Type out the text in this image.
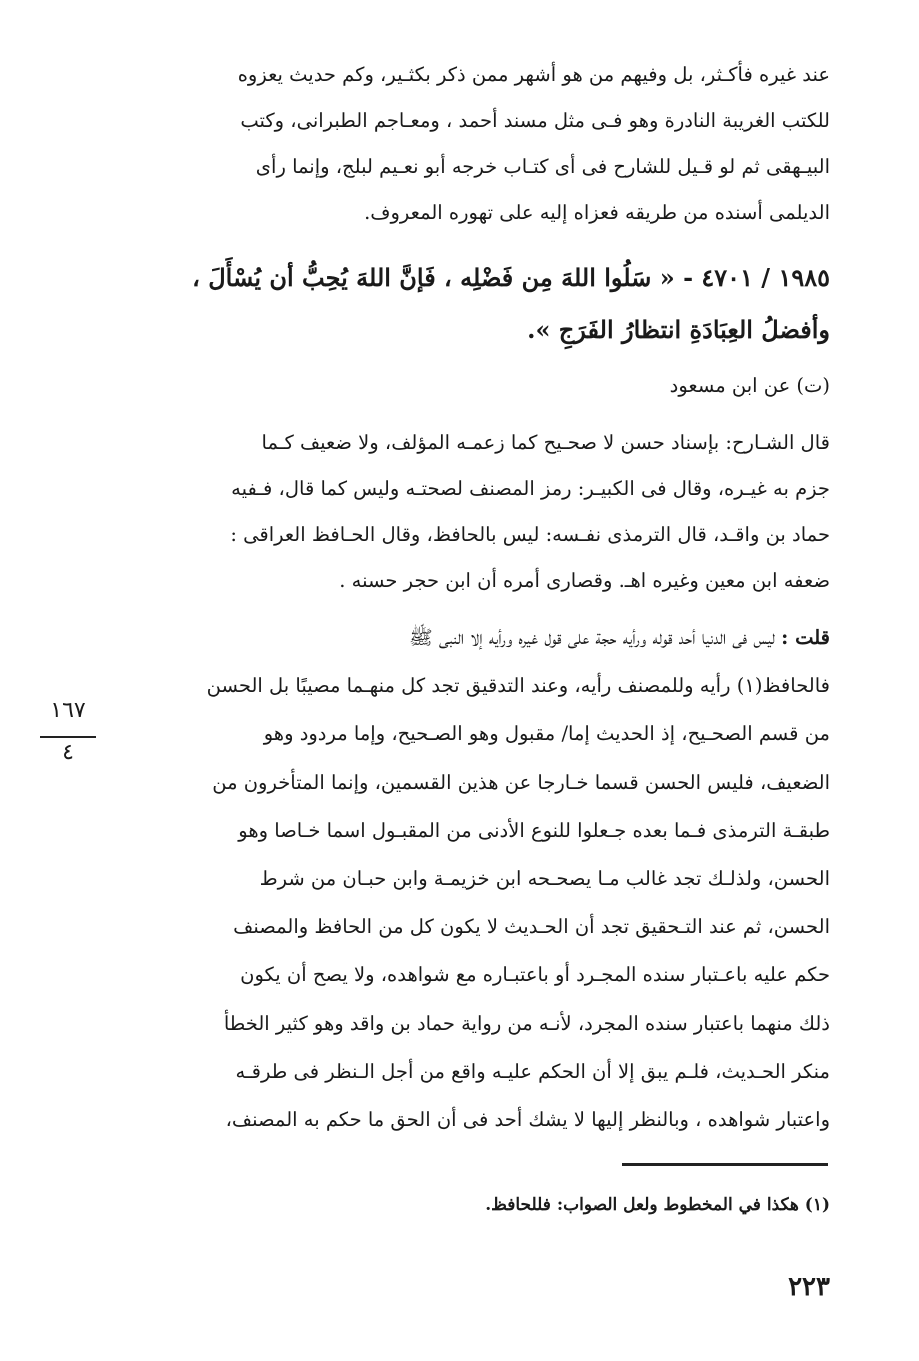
عند غيره فأكـثر، بل وفيهم من هو أشهر ممن ذكر بكثـير، وكم حديث يعزوه
للكتب الغريبة النادرة وهو فـى مثل مسند أحمد ، ومعـاجم الطبرانى، وكتب
البيـهقى ثم لو قـيل للشارح فى أى كتـاب خرجه أبو نعـيم لبلج، وإنما رأى
الديلمى أسنده من طريقه فعزاه إليه على تهوره المعروف.
١٩٨٥ / ٤٧٠١ - « سَلُوا اللهَ مِن فَضْلِه ، فَإنَّ اللهَ يُحِبُّ أن يُسْأَلَ ،
وأفضلُ العِبَادَةِ انتظارُ الفَرَجِ ».
(ت) عن ابن مسعود
قال الشـارح: بإسناد حسن لا صحـيح كما زعمـه المؤلف، ولا ضعيف كـما
جزم به غيـره، وقال فى الكبيـر: رمز المصنف لصحتـه وليس كما قال، فـفيه
حماد بن واقـد، قال الترمذى نفـسه: ليس بالحافظ، وقال الحـافظ العراقى :
ضعفه ابن معين وغيره اهـ. وقصارى أمره أن ابن حجر حسنه .
قلت : ليس فى الدنيا أحد قوله ورأيه حجة على قول غيره ورأيه إلا النبى ﷺ
فالحافظ(١) رأيه وللمصنف رأيه، وعند التدقيق تجد كل منهـما مصيبًا بل الحسن
من قسم الصحـيح، إذ الحديث إما/ مقبول وهو الصـحيح، وإما مردود وهو
الضعيف، فليس الحسن قسما خـارجا عن هذين القسمين، وإنما المتأخرون من
طبقـة الترمذى فـما بعده جـعلوا للنوع الأدنى من المقبـول اسما خـاصا وهو
الحسن، ولذلـك تجد غالب مـا يصحـحه ابن خزيمـة وابن حبـان من شرط
الحسن، ثم عند التـحقيق تجد أن الحـديث لا يكون كل من الحافظ والمصنف
حكم عليه باعـتبار سنده المجـرد أو باعتبـاره مع شواهده، ولا يصح أن يكون
ذلك منهما باعتبار سنده المجرد، لأنـه من رواية حماد بن واقد وهو كثير الخطأ
منكر الحـديث، فلـم يبق إلا أن الحكم عليـه واقع من أجل الـنظر فى طرقـه
واعتبار شواهده ، وبالنظر إليها لا يشك أحد فى أن الحق ما حكم به المصنف،
١٦٧
٤
(١) هكذا في المخطوط ولعل الصواب: فللحافظ.
٢٢٣
